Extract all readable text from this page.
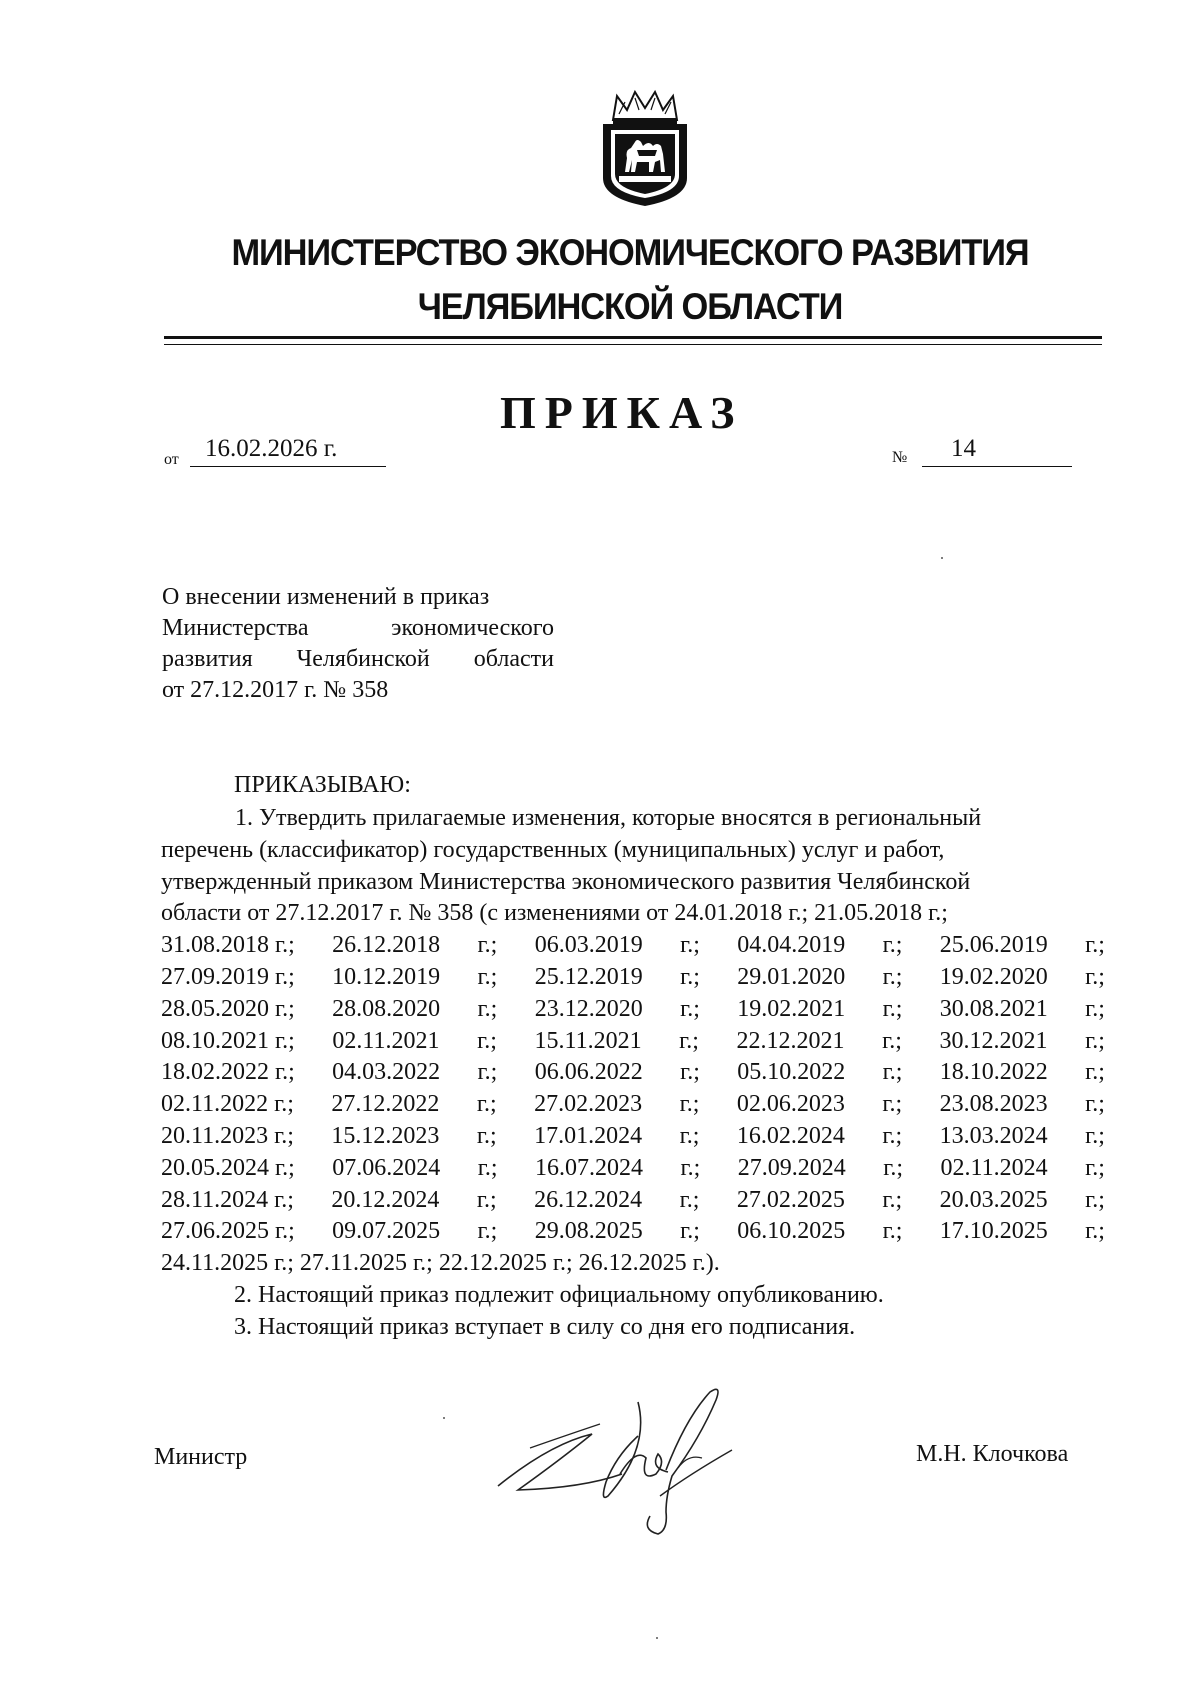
МИНИСТЕРСТВО ЭКОНОМИЧЕСКОГО РАЗВИТИЯ
ЧЕЛЯБИНСКОЙ ОБЛАСТИ
ПРИКАЗ
от 16.02.2026 г.	№ 14
О внесении изменений в приказ
Министерства экономического
развития Челябинской области
от 27.12.2017 г. № 358
ПРИКАЗЫВАЮ:
1. Утвердить прилагаемые изменения, которые вносятся в региональный
перечень (классификатор) государственных (муниципальных) услуг и работ,
утвержденный приказом Министерства экономического развития Челябинской
области от 27.12.2017 г. № 358 (с изменениями от 24.01.2018 г.; 21.05.2018 г.;
31.08.2018 г.; 26.12.2018 г.; 06.03.2019 г.; 04.04.2019 г.; 25.06.2019 г.;
27.09.2019 г.; 10.12.2019 г.; 25.12.2019 г.; 29.01.2020 г.; 19.02.2020 г.;
28.05.2020 г.; 28.08.2020 г.; 23.12.2020 г.; 19.02.2021 г.; 30.08.2021 г.;
08.10.2021 г.; 02.11.2021 г.; 15.11.2021 г.; 22.12.2021 г.; 30.12.2021 г.;
18.02.2022 г.; 04.03.2022 г.; 06.06.2022 г.; 05.10.2022 г.; 18.10.2022 г.;
02.11.2022 г.; 27.12.2022 г.; 27.02.2023 г.; 02.06.2023 г.; 23.08.2023 г.;
20.11.2023 г.; 15.12.2023 г.; 17.01.2024 г.; 16.02.2024 г.; 13.03.2024 г.;
20.05.2024 г.; 07.06.2024 г.; 16.07.2024 г.; 27.09.2024 г.; 02.11.2024 г.;
28.11.2024 г.; 20.12.2024 г.; 26.12.2024 г.; 27.02.2025 г.; 20.03.2025 г.;
27.06.2025 г.; 09.07.2025 г.; 29.08.2025 г.; 06.10.2025 г.; 17.10.2025 г.;
24.11.2025 г.; 27.11.2025 г.; 22.12.2025 г.; 26.12.2025 г.).
2. Настоящий приказ подлежит официальному опубликованию.
3. Настоящий приказ вступает в силу со дня его подписания.
Министр	М.Н. Клочкова
